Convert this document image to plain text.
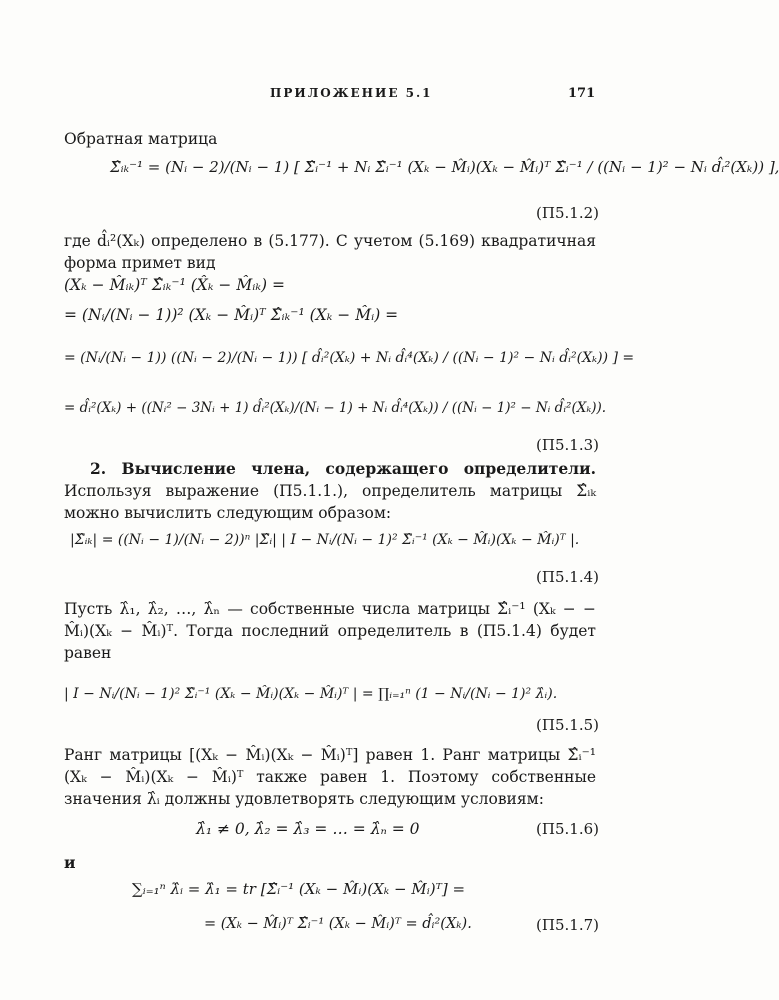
ПРИЛОЖЕНИЕ 5.1	171
Обратная матрица
Σ̂ᵢₖ⁻¹ = (Nᵢ − 2)/(Nᵢ − 1) [ Σ̂ᵢ⁻¹ + Nᵢ Σ̂ᵢ⁻¹ (Xₖ − M̂ᵢ)(Xₖ − M̂ᵢ)ᵀ Σ̂ᵢ⁻¹ / ((Nᵢ − 1)² − Nᵢ d̂ᵢ²(Xₖ)) ],
(П5.1.2)
где d̂ᵢ²(Xₖ) определено в (5.177). С учетом (5.169) квадратичная форма примет вид
(Xₖ − M̂ᵢₖ)ᵀ Σ̂ᵢₖ⁻¹ (X̂ₖ − M̂ᵢₖ) =
= (Nᵢ/(Nᵢ − 1))² (Xₖ − M̂ᵢ)ᵀ Σ̂ᵢₖ⁻¹ (Xₖ − M̂ᵢ) =
= (Nᵢ/(Nᵢ − 1)) ((Nᵢ − 2)/(Nᵢ − 1)) [ d̂ᵢ²(Xₖ) + Nᵢ d̂ᵢ⁴(Xₖ) / ((Nᵢ − 1)² − Nᵢ d̂ᵢ²(Xₖ)) ] =
= d̂ᵢ²(Xₖ) + ((Nᵢ² − 3Nᵢ + 1) d̂ᵢ²(Xₖ)/(Nᵢ − 1) + Nᵢ d̂ᵢ⁴(Xₖ)) / ((Nᵢ − 1)² − Nᵢ d̂ᵢ²(Xₖ)).
(П5.1.3)
2. Вычисление члена, содержащего определители. Используя выражение (П5.1.1.), определитель матрицы Σ̂ᵢₖ можно вычислить следующим образом:
|Σ̂ᵢₖ| = ((Nᵢ − 1)/(Nᵢ − 2))ⁿ |Σ̂ᵢ| | I − Nᵢ/(Nᵢ − 1)² Σ̂ᵢ⁻¹ (Xₖ − M̂ᵢ)(Xₖ − M̂ᵢ)ᵀ |.
(П5.1.4)
Пусть λ̂₁, λ̂₂, …, λ̂ₙ — собственные числа матрицы Σ̂ᵢ⁻¹ (Xₖ − − M̂ᵢ)(Xₖ − M̂ᵢ)ᵀ. Тогда последний определитель в (П5.1.4) будет равен
| I − Nᵢ/(Nᵢ − 1)² Σ̂ᵢ⁻¹ (Xₖ − M̂ᵢ)(Xₖ − M̂ᵢ)ᵀ | = ∏ᵢ₌₁ⁿ (1 − Nᵢ/(Nᵢ − 1)² λ̂ᵢ).
(П5.1.5)
Ранг матрицы [(Xₖ − M̂ᵢ)(Xₖ − M̂ᵢ)ᵀ] равен 1. Ранг матрицы Σ̂ᵢ⁻¹ (Xₖ − M̂ᵢ)(Xₖ − M̂ᵢ)ᵀ также равен 1. Поэтому собственные значения λ̂ᵢ должны удовлетворять следующим условиям:
λ̂₁ ≠ 0, λ̂₂ = λ̂₃ = … = λ̂ₙ = 0	(П5.1.6)
и
∑ᵢ₌₁ⁿ λ̂ᵢ = λ̂₁ = tr [Σ̂ᵢ⁻¹ (Xₖ − M̂ᵢ)(Xₖ − M̂ᵢ)ᵀ] =
= (Xₖ − M̂ᵢ)ᵀ Σ̂ᵢ⁻¹ (Xₖ − M̂ᵢ)ᵀ = d̂ᵢ²(Xₖ).	(П5.1.7)
